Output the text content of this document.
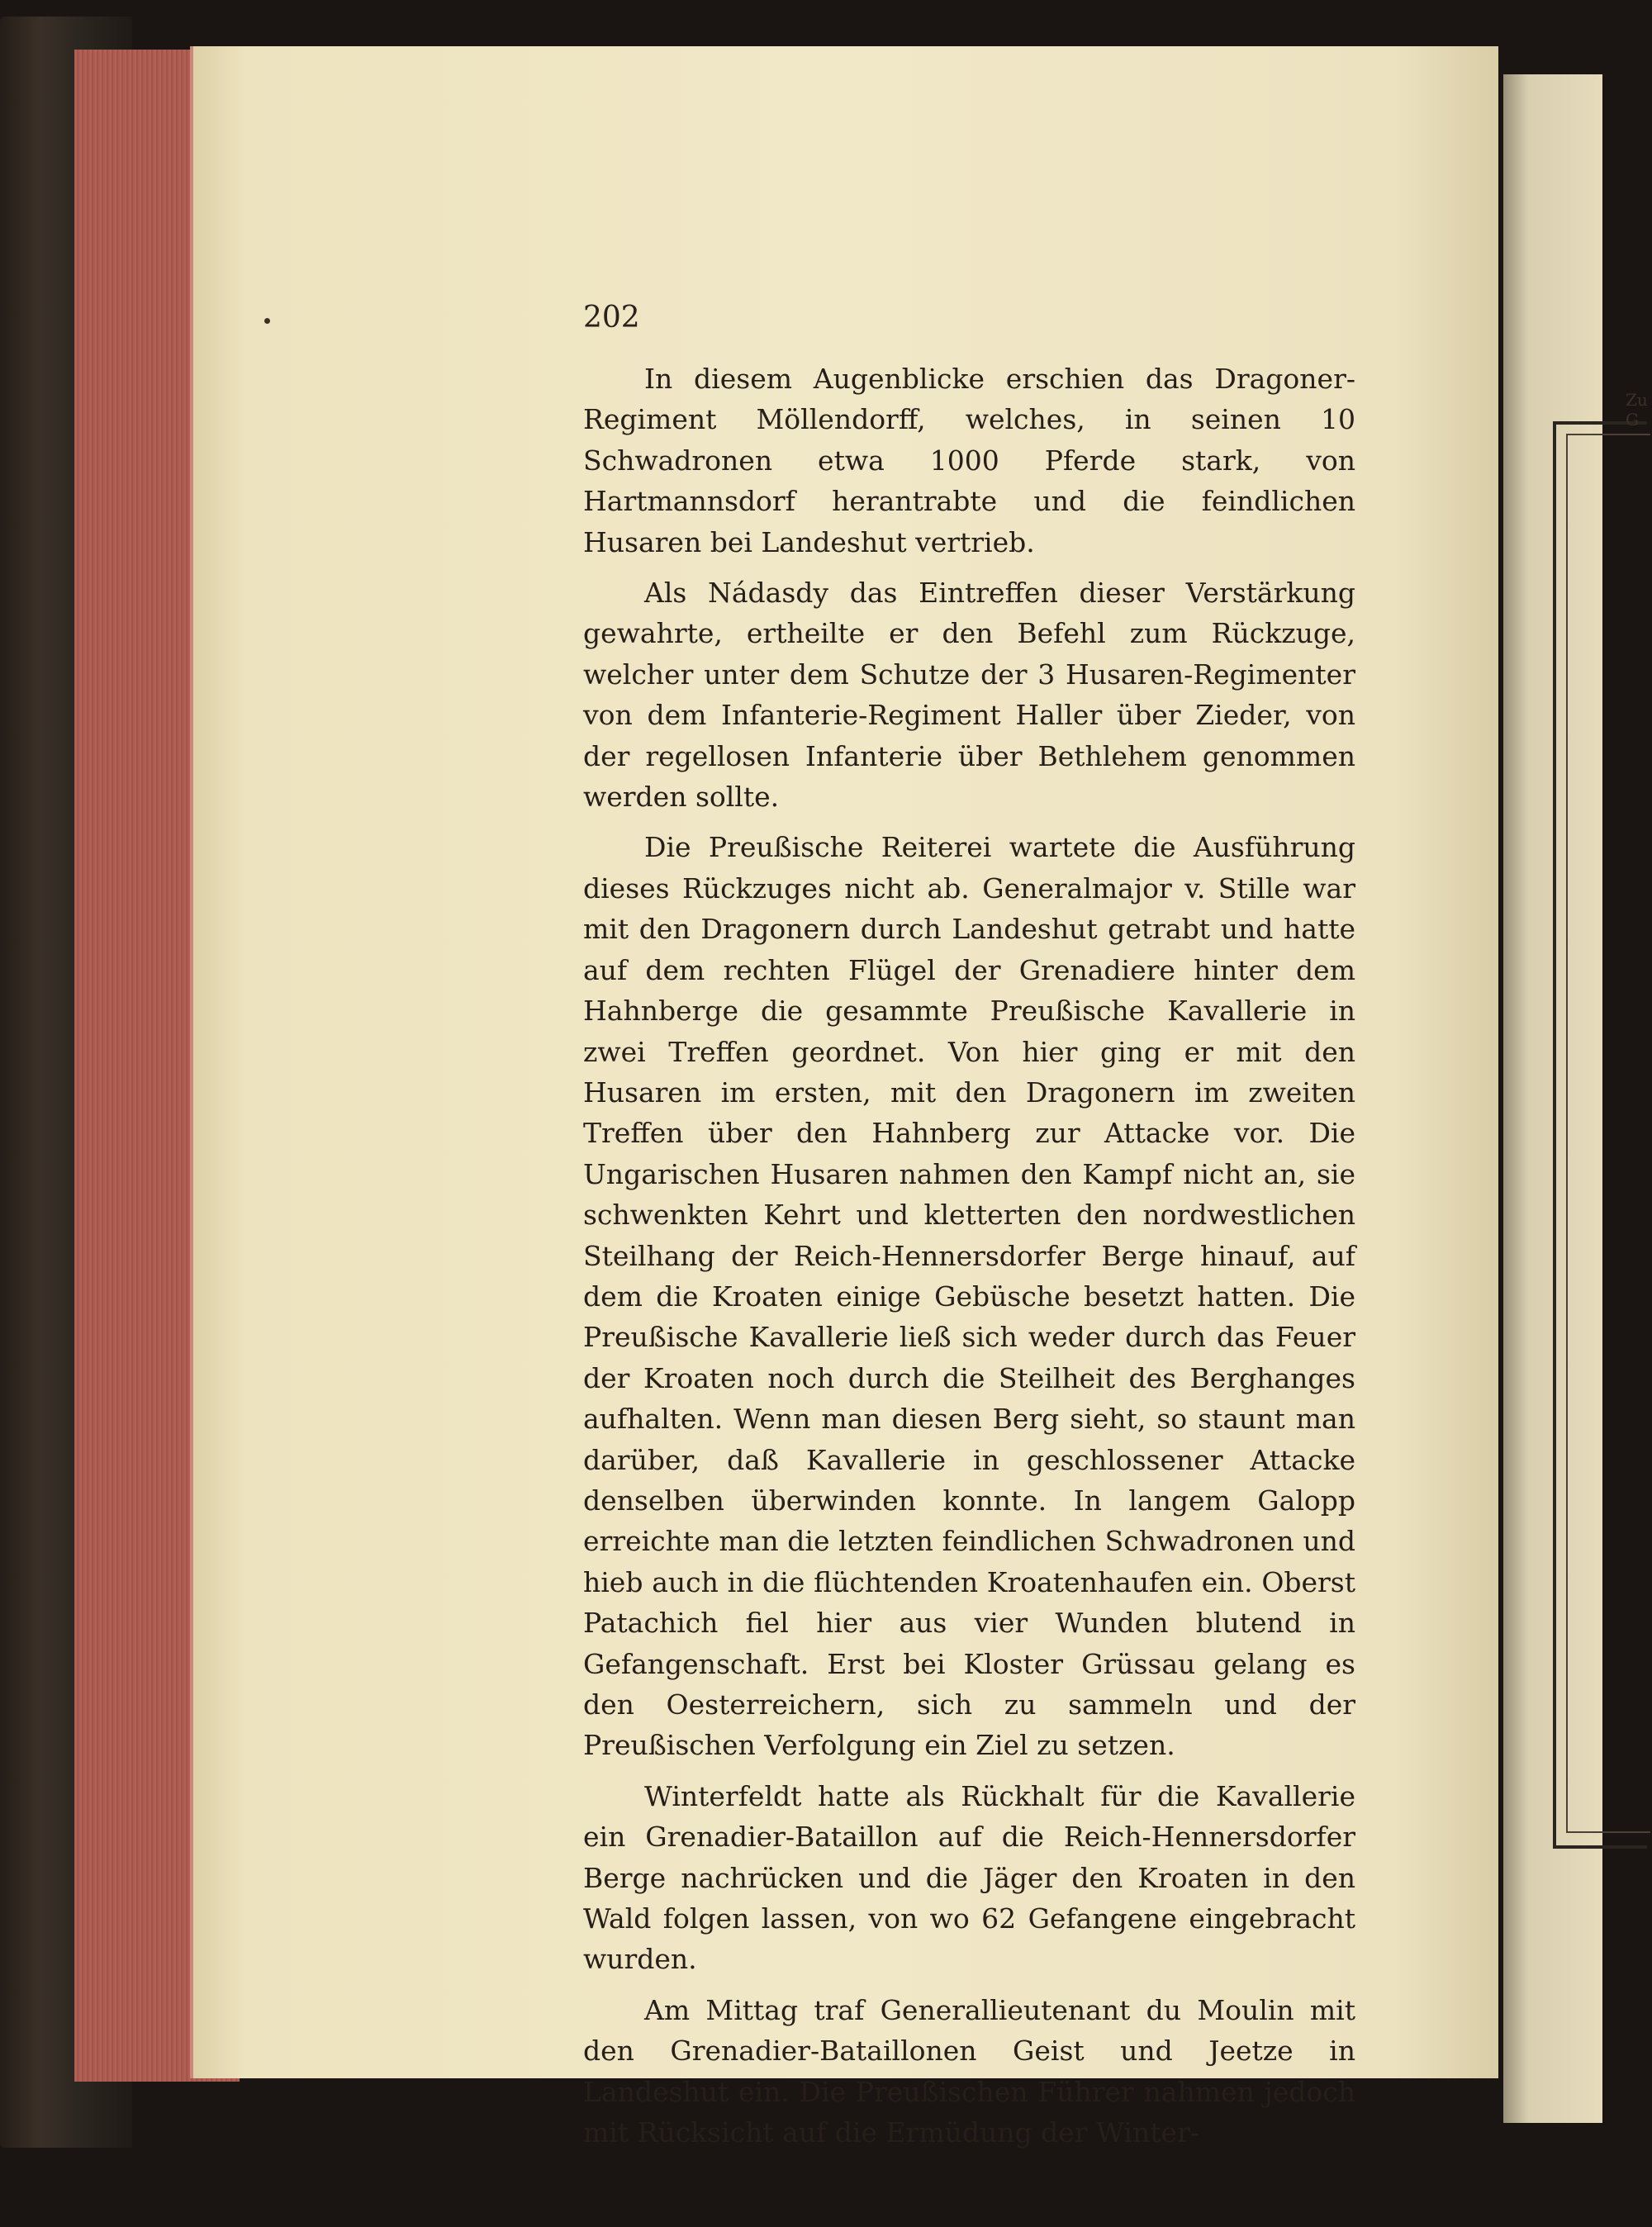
Zu G
202

In diesem Augenblicke erschien das Dragoner-Regiment Möllendorff, welches, in seinen 10 Schwadronen etwa 1000 Pferde stark, von Hartmannsdorf herantrabte und die feindlichen Husaren bei Landeshut vertrieb.

Als Nádasdy das Eintreffen dieser Verstärkung gewahrte, ertheilte er den Befehl zum Rückzuge, welcher unter dem Schutze der 3 Husaren-Regimenter von dem Infanterie-Regiment Haller über Zieder, von der regellosen Infanterie über Bethlehem genommen werden sollte.

Die Preußische Reiterei wartete die Ausführung dieses Rückzuges nicht ab. Generalmajor v. Stille war mit den Dragonern durch Landeshut getrabt und hatte auf dem rechten Flügel der Grenadiere hinter dem Hahnberge die gesammte Preußische Kavallerie in zwei Treffen geordnet. Von hier ging er mit den Husaren im ersten, mit den Dragonern im zweiten Treffen über den Hahnberg zur Attacke vor. Die Ungarischen Husaren nahmen den Kampf nicht an, sie schwenkten Kehrt und kletterten den nordwestlichen Steilhang der Reich-Hennersdorfer Berge hinauf, auf dem die Kroaten einige Gebüsche besetzt hatten. Die Preußische Kavallerie ließ sich weder durch das Feuer der Kroaten noch durch die Steilheit des Berghanges aufhalten. Wenn man diesen Berg sieht, so staunt man darüber, daß Kavallerie in geschlossener Attacke denselben überwinden konnte. In langem Galopp erreichte man die letzten feindlichen Schwadronen und hieb auch in die flüchtenden Kroatenhaufen ein. Oberst Patachich fiel hier aus vier Wunden blutend in Gefangenschaft. Erst bei Kloster Grüssau gelang es den Oesterreichern, sich zu sammeln und der Preußischen Verfolgung ein Ziel zu setzen.

Winterfeldt hatte als Rückhalt für die Kavallerie ein Grenadier-Bataillon auf die Reich-Hennersdorfer Berge nachrücken und die Jäger den Kroaten in den Wald folgen lassen, von wo 62 Gefangene eingebracht wurden.

Am Mittag traf Generallieutenant du Moulin mit den Grenadier-Bataillonen Geist und Jeetze in Landeshut ein. Die Preußischen Führer nahmen jedoch mit Rücksicht auf die Ermüdung der Winter-
